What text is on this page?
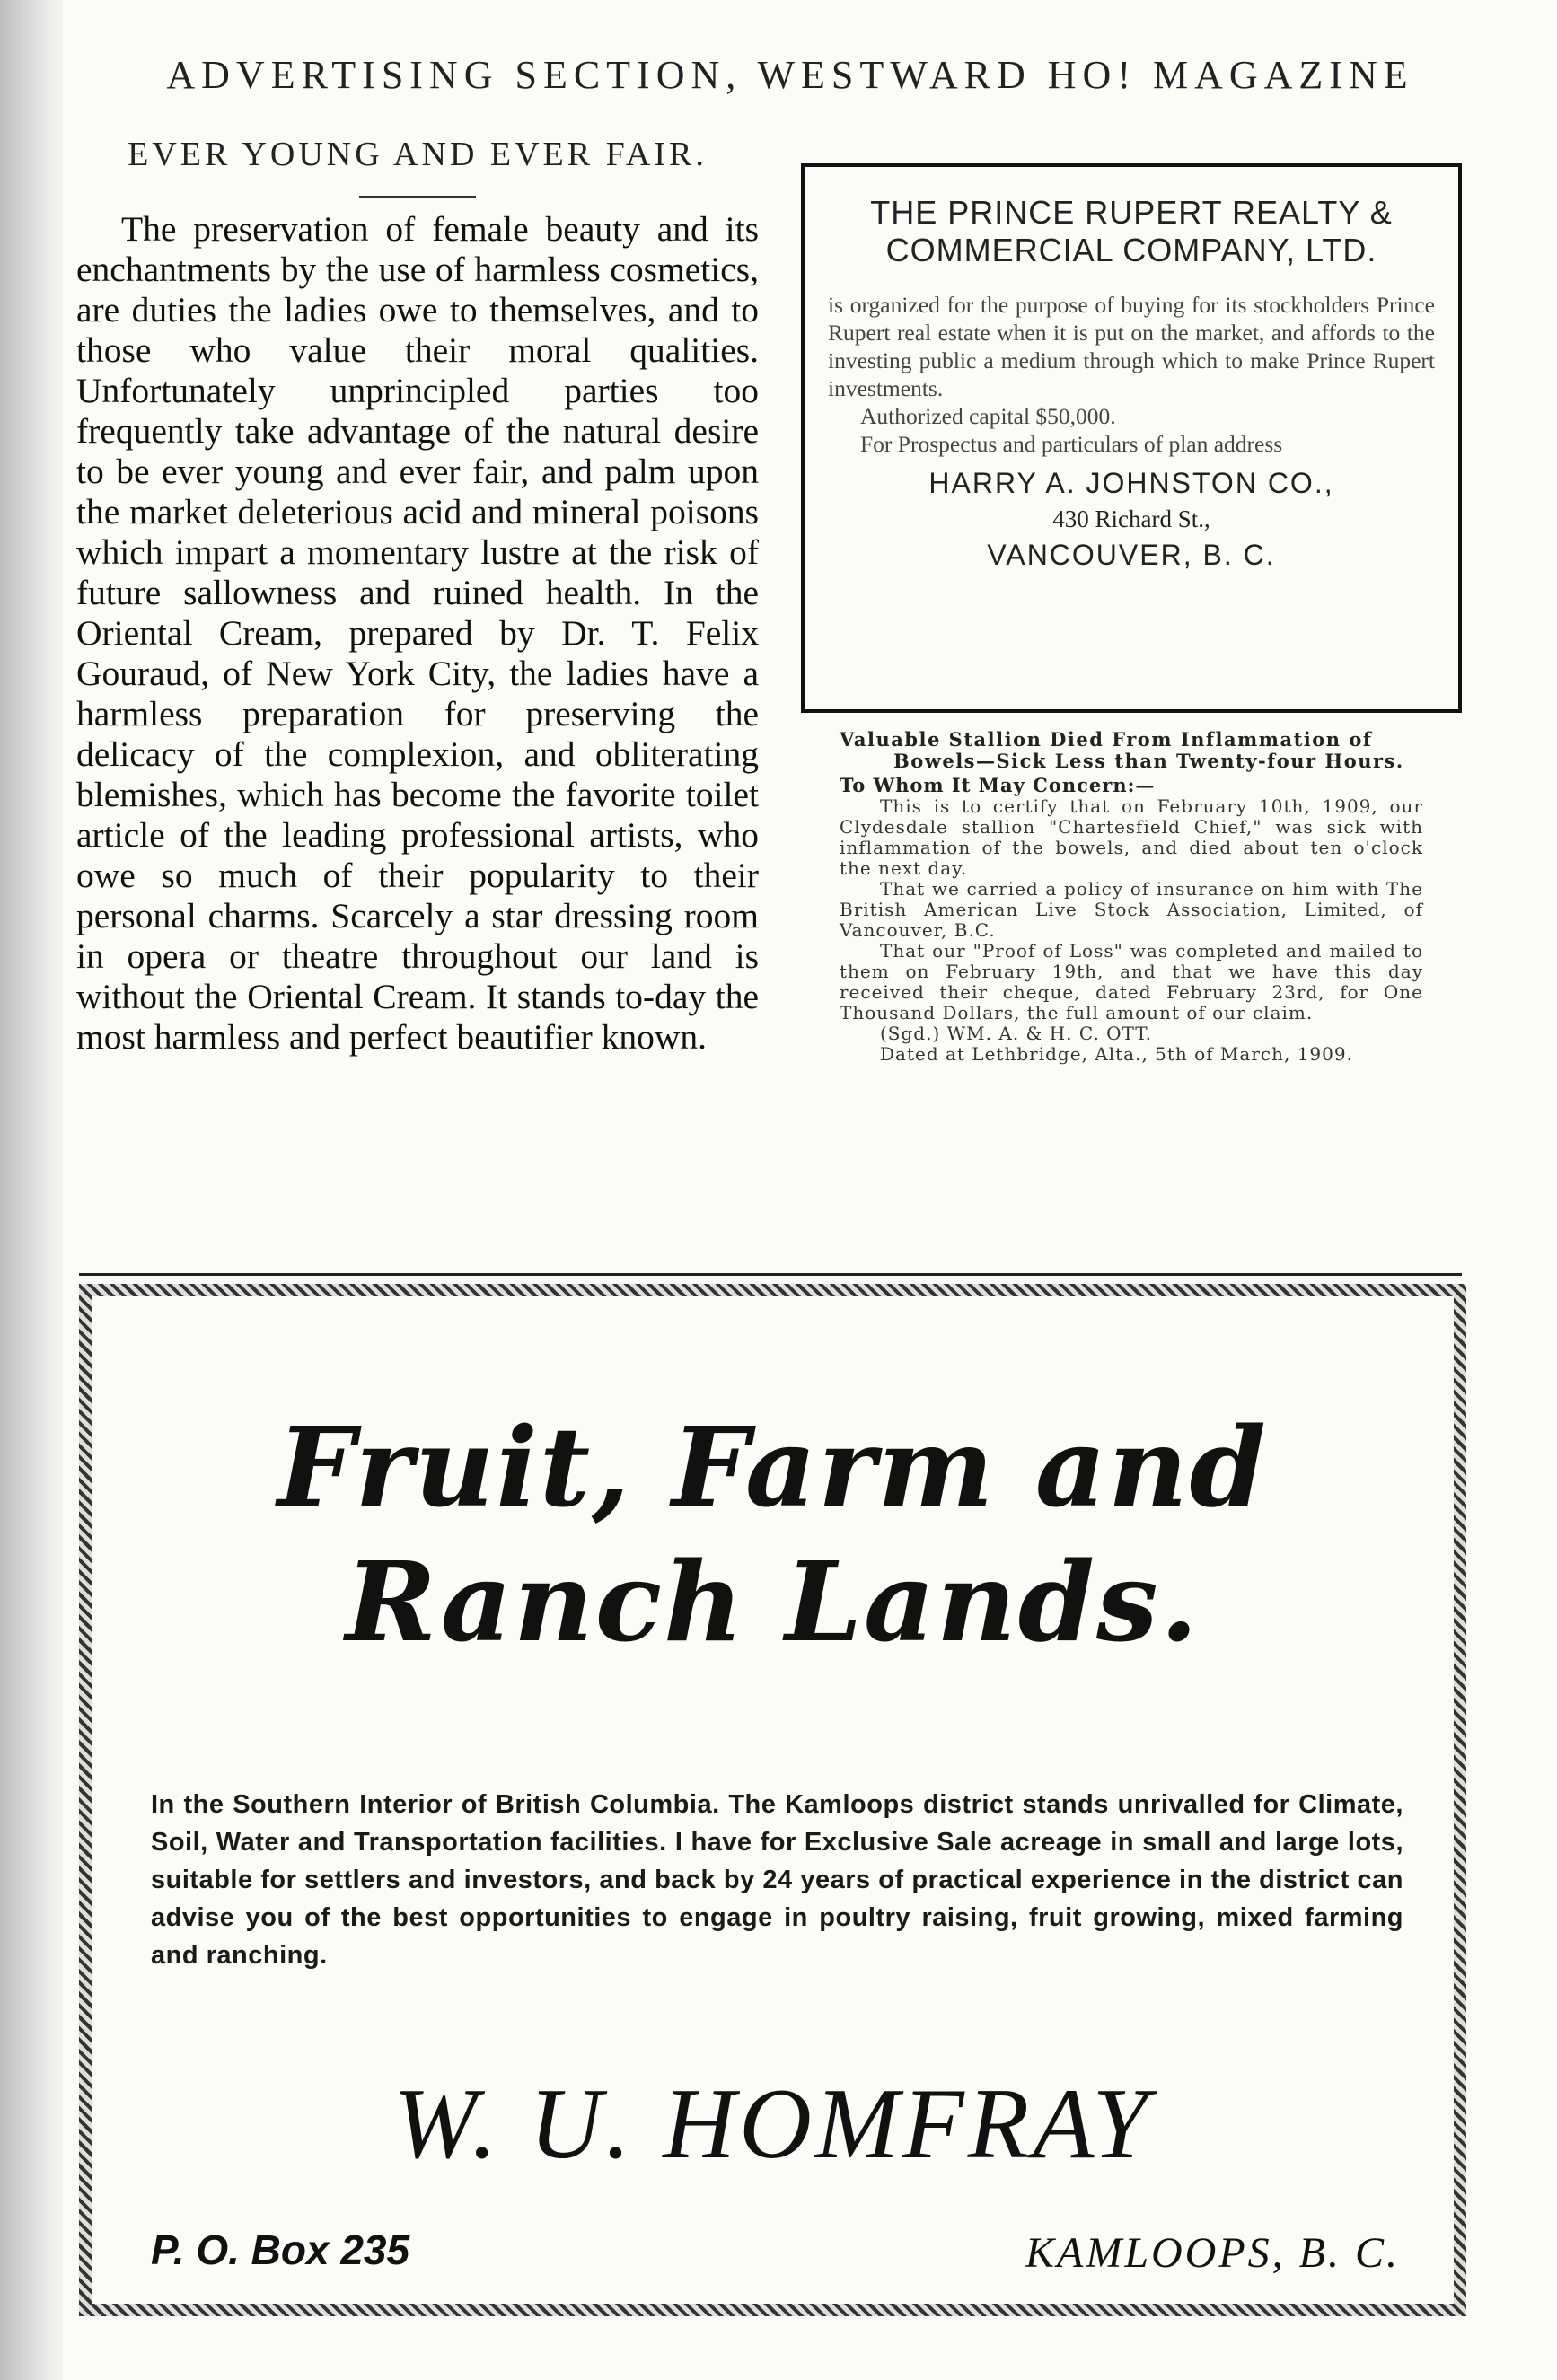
ADVERTISING SECTION, WESTWARD HO! MAGAZINE

EVER YOUNG AND EVER FAIR.

The preservation of female beauty and its enchantments by the use of harmless cosmetics, are duties the ladies owe to themselves, and to those who value their moral qualities. Unfortunately unprincipled parties too frequently take advantage of the natural desire to be ever young and ever fair, and palm upon the market deleterious acid and mineral poisons which impart a momentary lustre at the risk of future sallowness and ruined health. In the Oriental Cream, prepared by Dr. T. Felix Gouraud, of New York City, the ladies have a harmless preparation for preserving the delicacy of the complexion, and obliterating blemishes, which has become the favorite toilet article of the leading professional artists, who owe so much of their popularity to their personal charms. Scarcely a star dressing room in opera or theatre throughout our land is without the Oriental Cream. It stands to-day the most harmless and perfect beautifier known.

THE PRINCE RUPERT REALTY & COMMERCIAL COMPANY, LTD.

is organized for the purpose of buying for its stockholders Prince Rupert real estate when it is put on the market, and affords to the investing public a medium through which to make Prince Rupert investments.

Authorized capital $50,000.

For Prospectus and particulars of plan address

HARRY A. JOHNSTON CO.,

430 Richard St.,

VANCOUVER, B. C.

Valuable Stallion Died From Inflammation of Bowels—Sick Less than Twenty-four Hours.

To Whom It May Concern:—

This is to certify that on February 10th, 1909, our Clydesdale stallion "Chartesfield Chief," was sick with inflammation of the bowels, and died about ten o'clock the next day.

That we carried a policy of insurance on him with The British American Live Stock Association, Limited, of Vancouver, B.C.

That our "Proof of Loss" was completed and mailed to them on February 19th, and that we have this day received their cheque, dated February 23rd, for One Thousand Dollars, the full amount of our claim.

(Sgd.) WM. A. & H. C. OTT.

Dated at Lethbridge, Alta., 5th of March, 1909.

Fruit, Farm and
Ranch Lands.

In the Southern Interior of British Columbia. The Kamloops district stands unrivalled for Climate, Soil, Water and Transportation facilities. I have for Exclusive Sale acreage in small and large lots, suitable for settlers and investors, and back by 24 years of practical experience in the district can advise you of the best opportunities to engage in poultry raising, fruit growing, mixed farming and ranching.

W. U. HOMFRAY

P. O. Box 235	KAMLOOPS, B. C.
